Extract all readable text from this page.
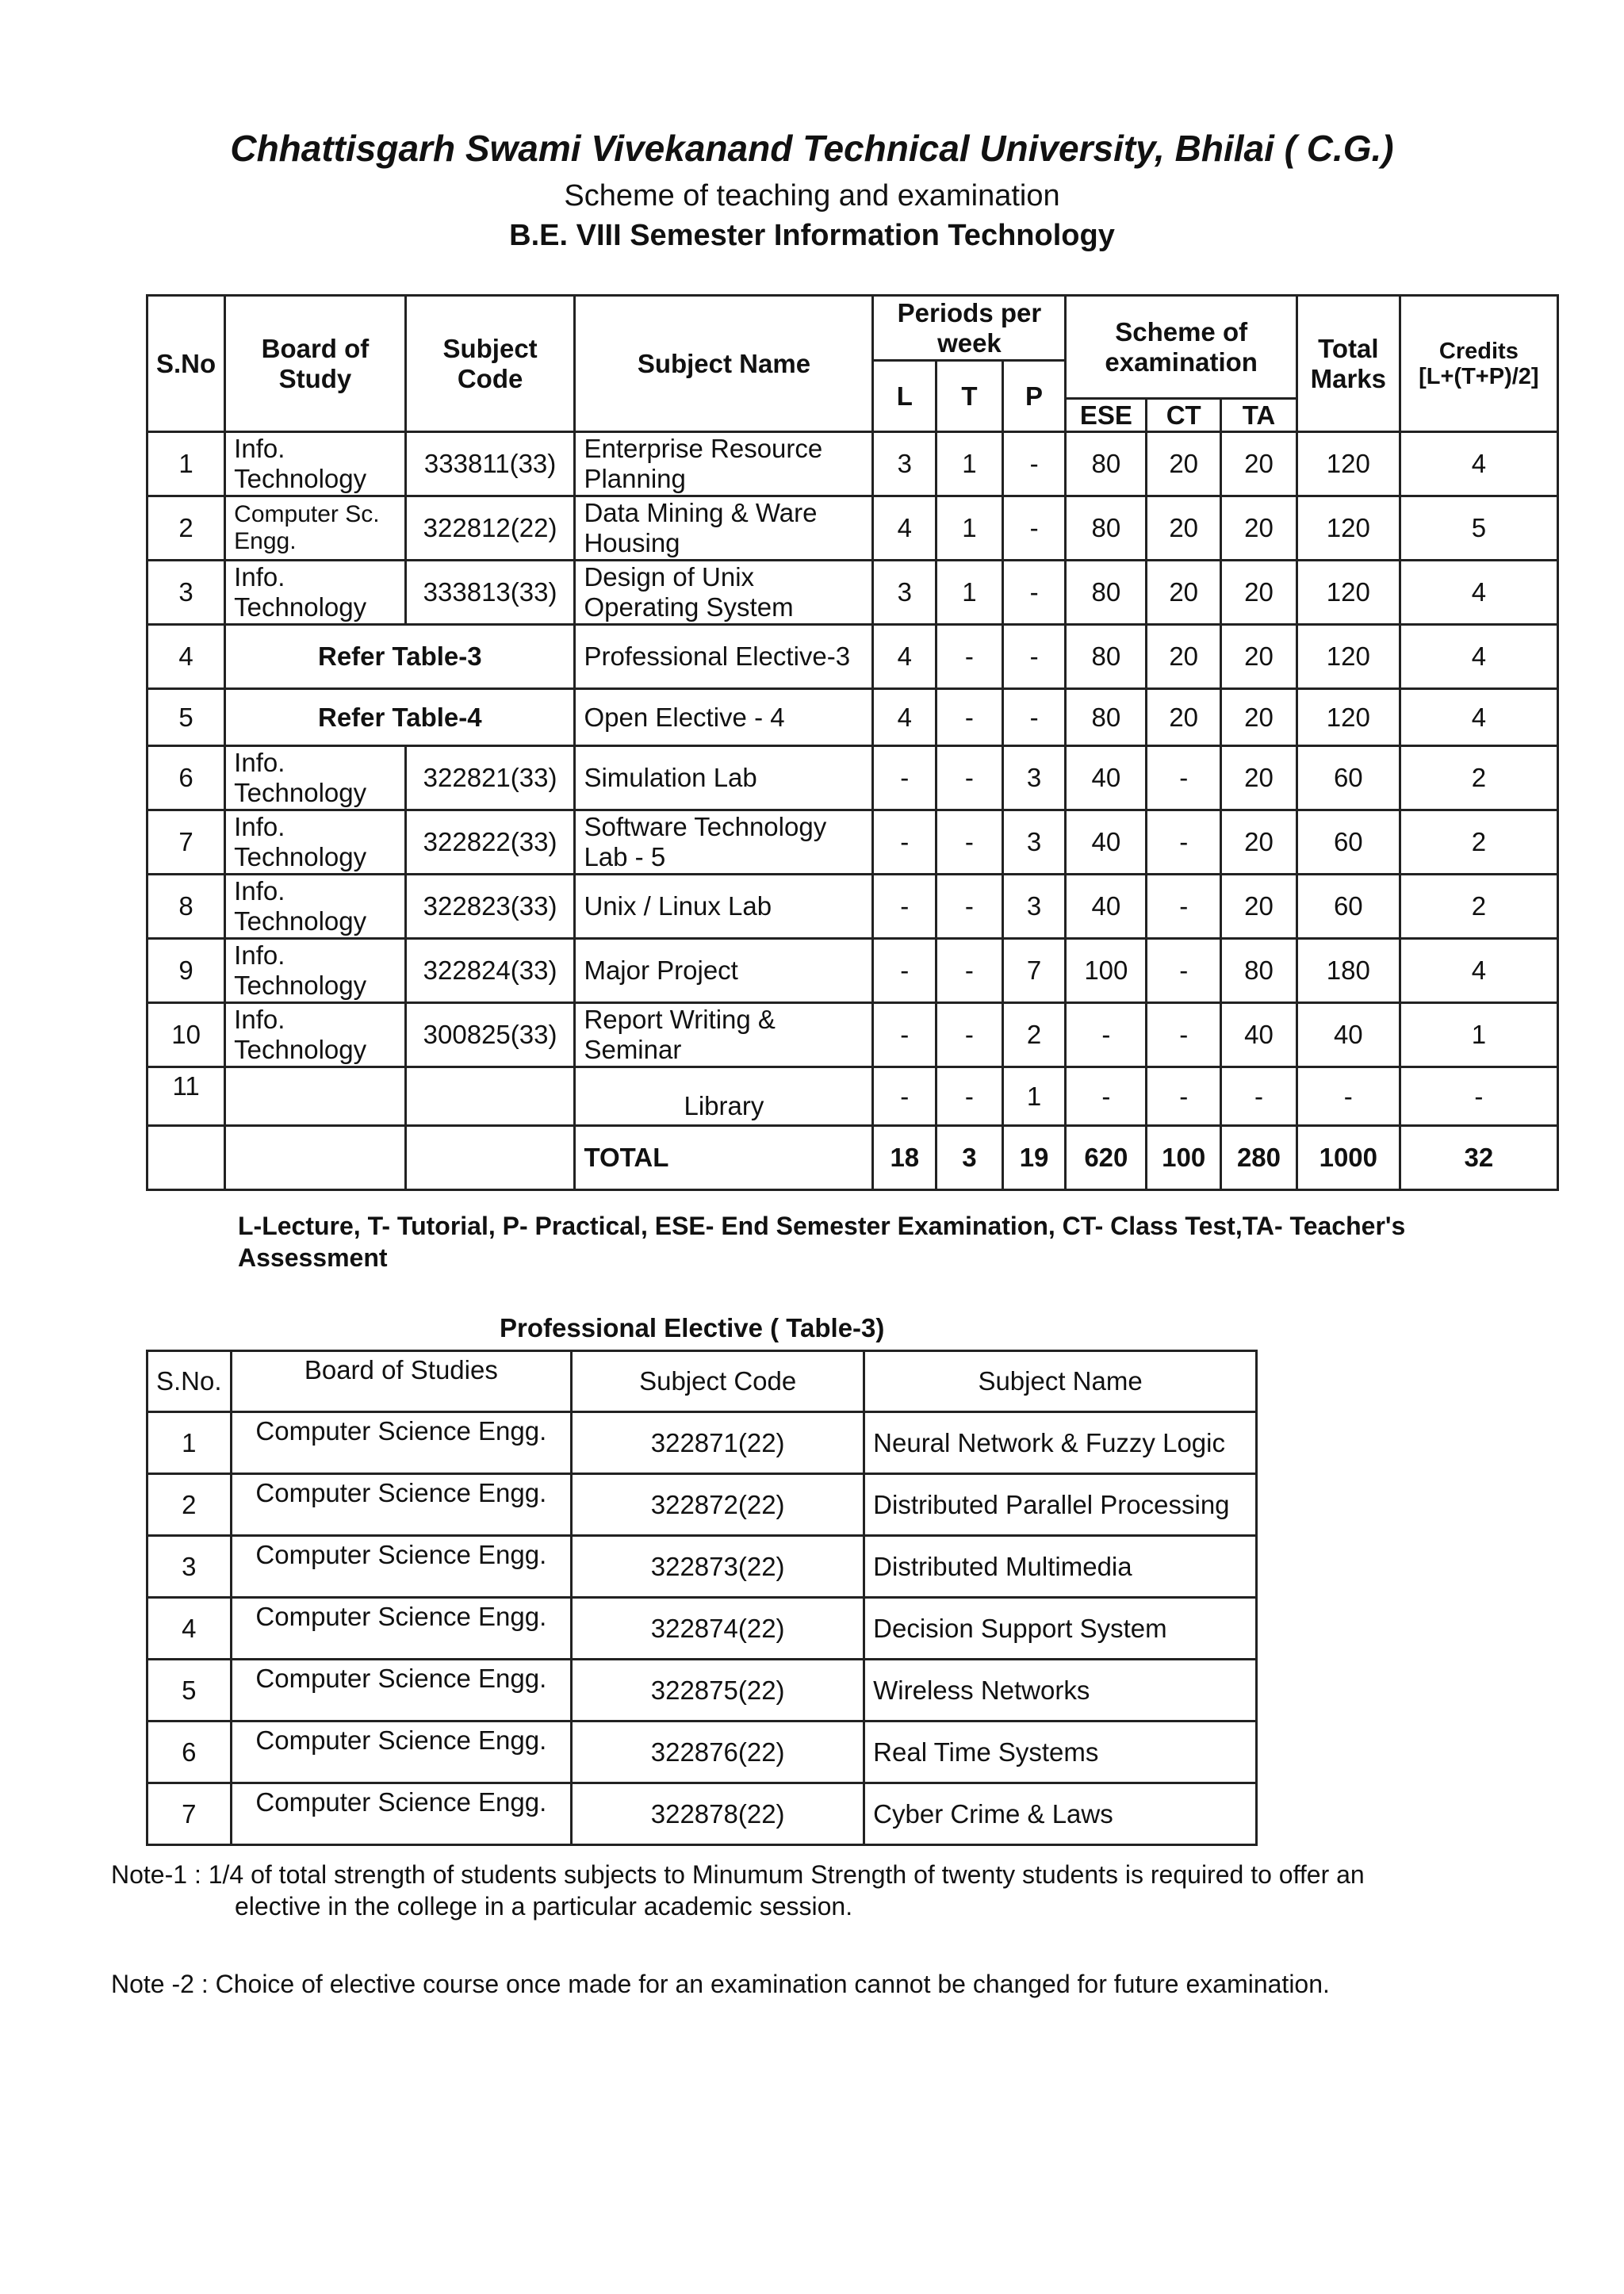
Chhattisgarh Swami Vivekanand Technical University, Bhilai ( C.G.)
Scheme of teaching and examination
B.E. VIII Semester Information Technology
S.No	Board of Study	Subject Code	Subject Name	Periods per week			Scheme of examination			Total Marks	Credits
[L+(T+P)/2]
				L	T	P					
							ESE	CT	TA		
1	Info. Technology	333811(33)	Enterprise Resource Planning	3	1	-	80	20	20	120	4
2	Computer Sc. Engg.	322812(22)	Data Mining & Ware Housing	4	1	-	80	20	20	120	5
3	Info. Technology	333813(33)	Design of Unix Operating System	3	1	-	80	20	20	120	4
4	Refer Table-3		Professional Elective-3	4	-	-	80	20	20	120	4
5	Refer Table-4		Open Elective - 4	4	-	-	80	20	20	120	4
6	Info. Technology	322821(33)	Simulation Lab	-	-	3	40	-	20	60	2
7	Info. Technology	322822(33)	Software Technology Lab - 5	-	-	3	40	-	20	60	2
8	Info. Technology	322823(33)	Unix / Linux Lab	-	-	3	40	-	20	60	2
9	Info. Technology	322824(33)	Major Project	-	-	7	100	-	80	180	4
10	Info. Technology	300825(33)	Report Writing & Seminar	-	-	2	-	-	40	40	1
11			Library	-	-	1	-	-	-	-	-
			TOTAL	18	3	19	620	100	280	1000	32
L-Lecture, T- Tutorial, P- Practical, ESE- End Semester Examination, CT- Class Test,TA- Teacher's Assessment
Professional Elective ( Table-3)
S.No.	Board of Studies	Subject Code	Subject Name
1	Computer Science Engg.	322871(22)	Neural Network & Fuzzy Logic
2	Computer Science Engg.	322872(22)	Distributed Parallel Processing
3	Computer Science Engg.	322873(22)	Distributed Multimedia
4	Computer Science Engg.	322874(22)	Decision Support System
5	Computer Science Engg.	322875(22)	Wireless Networks
6	Computer Science Engg.	322876(22)	Real Time Systems
7	Computer Science Engg.	322878(22)	Cyber Crime & Laws
Note-1 : 1/4 of total strength of students subjects to Minumum Strength of twenty students is required to offer an
elective in the college in a particular academic session.
Note -2 : Choice of elective course once made for an examination cannot be changed for future examination.
